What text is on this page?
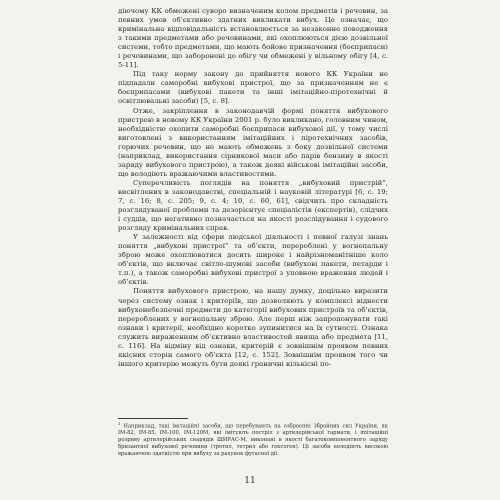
діючому КК обмежені суворо визначеним колом предметів і речовин, за певних умов об’єктивно здатних викликати вибух. Це означає, що кримінальна відповідальність встановлюється за незаконне поводження з такими предметами або речовинами, які охоплюються дією дозвільної системи, тобто предметами, що мають бойове призначення (боєприпаси) і речовинами, що заборонені до обігу чи обмежені у вільному обігу [4, с. 5-11].

Під таку норму закону до прийняття нового КК України не підпадали саморобні вибухові пристрої, що за призначенням не є боєприпасами (вибухові пакети та інші імітаційно-піротехнічні й освітлювальні засоби) [5, с. 8].

Отже, закріплення в законодавчій формі поняття вибухового пристрою в новому КК України 2001 р. було викликано, головним чином, необхідністю охопити саморобні боєприпаси вибухової дії, у тому числі виготовлені з використанням імітаційних і піротехнічних засобів, горючих речовин, що не мають обмежень з боку дозвільної системи (наприклад, використання сірникової маси або парів бензину в якості заряду вибухового пристрою), а також деякі військові імітаційні засоби, що володіють вражаючими властивостями.

Суперечливість поглядів на поняття „вибуховий пристрій”, висвітлених в законодавстві, спеціальній і науковій літературі [6, с. 19; 7, с. 16; 8, с. 205; 9, с. 4; 10, с. 60, 61], свідчить про складність розглядуваної проблеми та дезорієнтує спеціалістів (експертів), слідчих і суддів, що негативно позначається на якості розслідування і судового розгляду кримінальних справ.

У залежності від сфери людської діяльності і певної галузі знань поняття „вибухові пристрої” та об’єкти, перероблені у вогнепальну зброю може охоплюватися досить широке і найрізноманітніше коло об’єктів, що включає світло-шумові засоби (вибухові пакети, петарди і т.п.), а також саморобні вибухові пристрої з уповною враження людей і об’єктів.

Поняття вибухового пристрою, на нашу думку, доцільно виразити через систему ознак і критеріїв, що дозволяють у комплексі віднести вибухонебезпечні предмети до категорії вибухових пристроїв та об’єктів, перероблених у вогнепальну зброю. Але перш ніж запропонувати такі ознаки і критерії, необхідно коротко зупинитися на їх сутності. Ознака служить вираженням об’єктивно властивостей явища або предмета [11, с. 116]. На відміну від ознаки, критерій є зовнішнім проявом певних якісних сторін самого об’єкта [12, с. 152]. Зовнішнім проявом того чи іншого критерію можуть бути деякі граничні кількісні по-

$^1$ Наприклад, такі імітаційні засоби, що перебувають на озброєнні Збройних сил України, як ІМ-82, ІМ-85, ІМ-100, ІМ-120М, які імітують постріл з артилерійської гармати, і imітаційні розриву артилерійських снарядів ШИРАС-М, виконані в якості багатокомпонентного заряду бризантної вибухової речовини (тротил, тетрил або гексоген). Ці засоби володіють високою вражаючою здатністю при вибуху за рахунок фугасної дії.
11
